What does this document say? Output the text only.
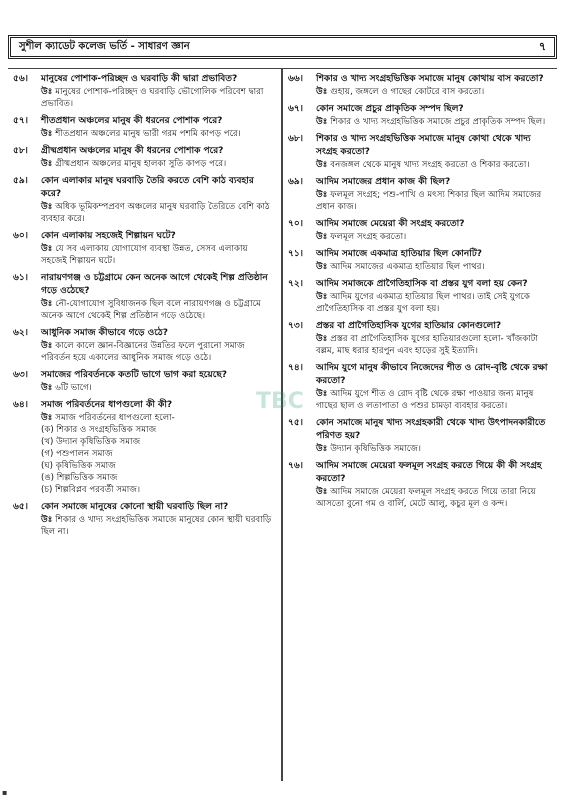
সুশীল ক্যাডেট কলেজ ভর্তি - সাধারণ জ্ঞান	৭
৫৬।	মানুষের পোশাক-পরিচ্ছদ ও ঘরবাড়ি কী দ্বারা প্রভাবিত?
উঃ মানুষের পোশাক-পরিচ্ছদ ও ঘরবাড়ি ভৌগোলিক পরিবেশ দ্বারা প্রভাবিত।
৫৭।	শীতপ্রধান অঞ্চলের মানুষ কী ধরনের পোশাক পরে?
উঃ শীতপ্রধান অঞ্চলের মানুষ ভারী গরম পশমি কাপড় পরে।
৫৮।	গ্রীষ্মপ্রধান অঞ্চলের মানুষ কী ধরনের পোশাক পরে?
উঃ গ্রীষ্মপ্রধান অঞ্চলের মানুষ হালকা সুতি কাপড় পরে।
৫৯।	কোন এলাকার মানুষ ঘরবাড়ি তৈরি করতে বেশি কাঠ ব্যবহার করে?
উঃ অধিক ভূমিকম্পপ্রবণ অঞ্চলের মানুষ ঘরবাড়ি তৈরিতে বেশি কাঠ ব্যবহার করে।
৬০।	কোন এলাকায় সহজেই শিল্পায়ন ঘটে?
উঃ যে সব এলাকায় যোগাযোগ ব্যবস্থা উন্নত, সেসব এলাকায় সহজেই শিল্পায়ন ঘটে।
৬১।	নারায়ণগঞ্জ ও চট্টগ্রামে কেন অনেক আগে থেকেই শিল্প প্রতিষ্ঠান গড়ে ওঠেছে?
উঃ নৌ-যোগাযোগ সুবিধাজনক ছিল বলে নারায়ণগঞ্জ ও চট্টগ্রামে অনেক আগে থেকেই শিল্প প্রতিষ্ঠান গড়ে ওঠেছে।
৬২।	আধুনিক সমাজ কীভাবে গড়ে ওঠে?
উঃ কালে কালে জ্ঞান-বিজ্ঞানের উন্নতির ফলে পুরানো সমাজ পরিবর্তন হয়ে একালের আধুনিক সমাজ গড়ে ওঠে।
৬৩।	সমাজের পরিবর্তনকে কতটি ভাগে ভাগ করা হয়েছে?
উঃ ৬টি ভাগে।
৬৪।	সমাজ পরিবর্তনের ধাপগুলো কী কী?
উঃ সমাজ পরিবর্তনের ধাপগুলো হলো-
(ক) শিকার ও সংগ্রহভিত্তিক সমাজ
(খ) উদ্যান কৃষিভিত্তিক সমাজ
(গ) পশুপালন সমাজ
(ঘ) কৃষিভিত্তিক সমাজ
(ঙ) শিল্পভিত্তিক সমাজ
(চ) শিল্পবিপ্লব পরবর্তী সমাজ।
৬৫।	কোন সমাজে মানুষের কোনো স্থায়ী ঘরবাড়ি ছিল না?
উঃ শিকার ও খাদ্য সংগ্রহভিত্তিক সমাজে মানুষের কোন স্থায়ী ঘরবাড়ি ছিল না।
৬৬।	শিকার ও খাদ্য সংগ্রহভিত্তিক সমাজে মানুষ কোথায় বাস করতো?
উঃ গুহায়, জঙ্গলে ও গাছের কোটরে বাস করতো।
৬৭।	কোন সমাজে প্রচুর প্রাকৃতিক সম্পদ ছিল?
উঃ শিকার ও খাদ্য সংগ্রহভিত্তিক সমাজে প্রচুর প্রাকৃতিক সম্পদ ছিল।
৬৮।	শিকার ও খাদ্য সংগ্রহভিত্তিক সমাজে মানুষ কোথা থেকে খাদ্য সংগ্রহ করতো?
উঃ বনজঙ্গল থেকে মানুষ খাদ্য সংগ্রহ করতো ও শিকার করতো।
৬৯।	আদিম সমাজের প্রধান কাজ কী ছিল?
উঃ ফলমূল সংগ্রহ; পশু-পাখি ও মৎস্য শিকার ছিল আদিম সমাজের প্রধান কাজ।
৭০।	আদিম সমাজে মেয়েরা কী সংগ্রহ করতো?
উঃ ফলমূল সংগ্রহ করতো।
৭১।	আদিম সমাজে একমাত্র হাতিয়ার ছিল কোনটি?
উঃ আদিম সমাজের একমাত্র হাতিয়ার ছিল পাথর।
৭২।	আদিম সমাজকে প্রাগৈতিহাসিক বা প্রস্তর যুগ বলা হয় কেন?
উঃ আদিম যুগের একমাত্র হাতিয়ার ছিল পাথর। তাই সেই যুগকে প্রাগৈতিহাসিক বা প্রস্তর যুগ বলা হয়।
৭৩।	প্রস্তর বা প্রাগৈতিহাসিক যুগের হাতিয়ার কোনগুলো?
উঃ প্রস্তর বা প্রাগৈতিহাসিক যুগের হাতিয়ারগুলো হলো- খাঁজকাটা বল্লম, মাছ ধরার হারপুন এবং হাড়ের সুই ইত্যাদি।
৭৪।	আদিম যুগে মানুষ কীভাবে নিজেদের শীত ও রোদ-বৃষ্টি থেকে রক্ষা করতো?
উঃ আদিম যুগে শীত ও রোদ বৃষ্টি থেকে রক্ষা পাওয়ার জন্য মানুষ গাছের ছাল ও লতাপাতা ও পশুর চামড়া ব্যবহার করতো।
৭৫।	কোন সমাজে মানুষ খাদ্য সংগ্রহকারী থেকে খাদ্য উৎপাদনকারীতে পরিণত হয়?
উঃ উদ্যান কৃষিভিত্তিক সমাজে।
৭৬।	আদিম সমাজে মেয়েরা ফলমূল সংগ্রহ করতে গিয়ে কী কী সংগ্রহ করতো?
উঃ আদিম সমাজে মেয়েরা ফলমূল সংগ্রহ করতে গিয়ে তারা নিয়ে আসতো বুনো গম ও বার্লি, মেটে আলু, কচুর মূল ও কন্দ।
TBC
▪
